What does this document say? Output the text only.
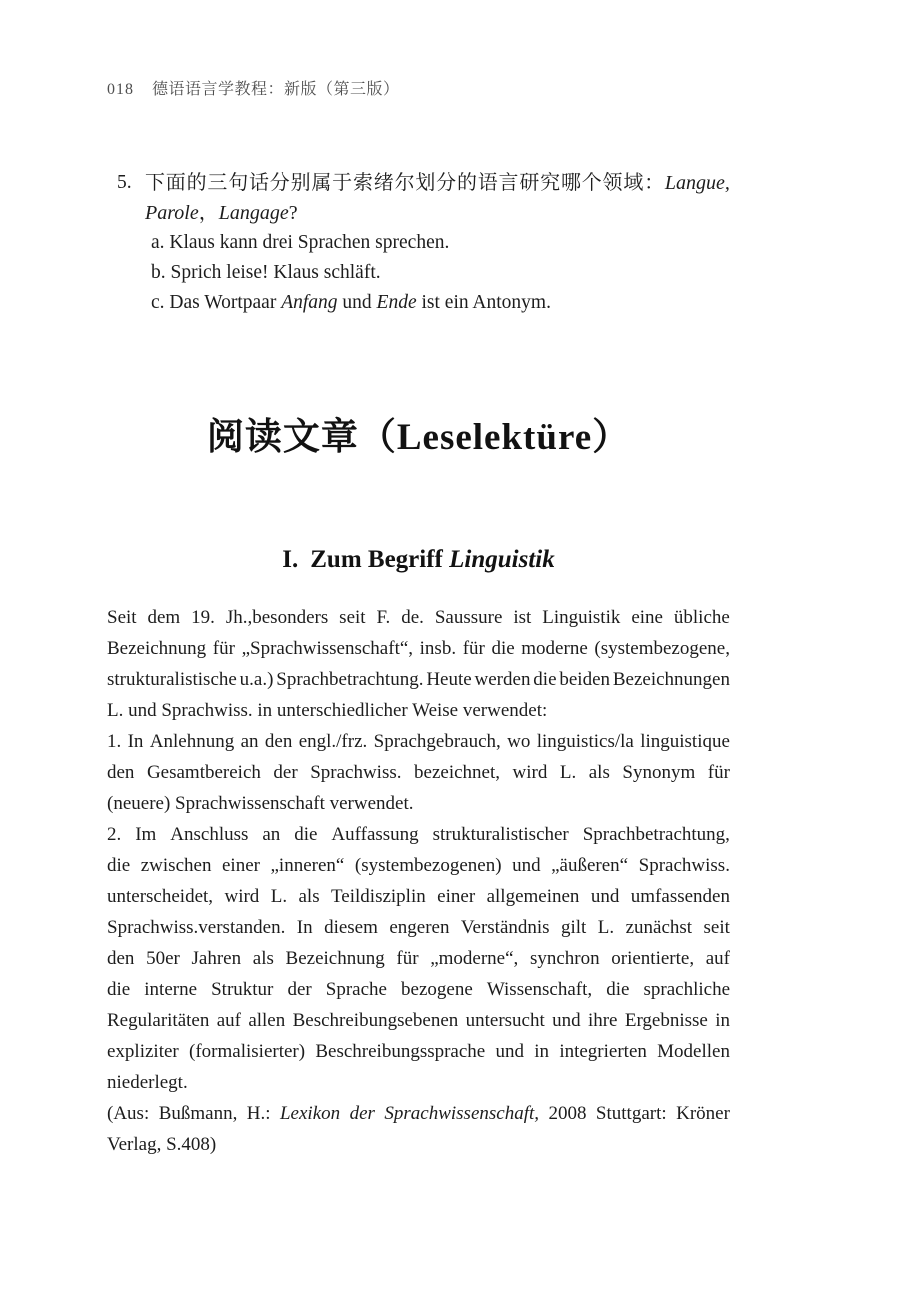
018 德语语言学教程：新版（第三版）
5. 下 面 的 三 句 话 分 别 属 于 索 绪 尔 划 分 的 语 言 研 究 哪 个 领 域 ： Langue,
Parole，Langage?
a. Klaus kann drei Sprachen sprechen.
b. Sprich leise! Klaus schläft.
c. Das Wortpaar Anfang und Ende ist ein Antonym.
阅读文章（Leselektüre）
I. Zum Begriff Linguistik
Seit dem 19. Jh.,besonders seit F. de. Saussure ist Linguistik eine übliche
Bezeichnung für „Sprachwissenschaft“, insb. für die moderne (systembezogene,
strukturalistische u.a.) Sprachbetrachtung. Heute werden die beiden Bezeichnungen
L. und Sprachwiss. in unterschiedlicher Weise verwendet:
1. In Anlehnung an den engl./frz. Sprachgebrauch, wo linguistics/la linguistique
den Gesamtbereich der Sprachwiss. bezeichnet, wird L. als Synonym für
(neuere) Sprachwissenschaft verwendet.
2. Im Anschluss an die Auffassung strukturalistischer Sprachbetrachtung,
die zwischen einer „inneren“ (systembezogenen) und „äußeren“ Sprachwiss.
unterscheidet, wird L. als Teildisziplin einer allgemeinen und umfassenden
Sprachwiss.verstanden. In diesem engeren Verständnis gilt L. zunächst seit
den 50er Jahren als Bezeichnung für „moderne“, synchron orientierte, auf
die interne Struktur der Sprache bezogene Wissenschaft, die sprachliche
Regularitäten auf allen Beschreibungsebenen untersucht und ihre Ergebnisse in
expliziter (formalisierter) Beschreibungssprache und in integrierten Modellen
niederlegt.
(Aus: Bußmann, H.: Lexikon der Sprachwissenschaft, 2008 Stuttgart: Kröner
Verlag, S.408)
